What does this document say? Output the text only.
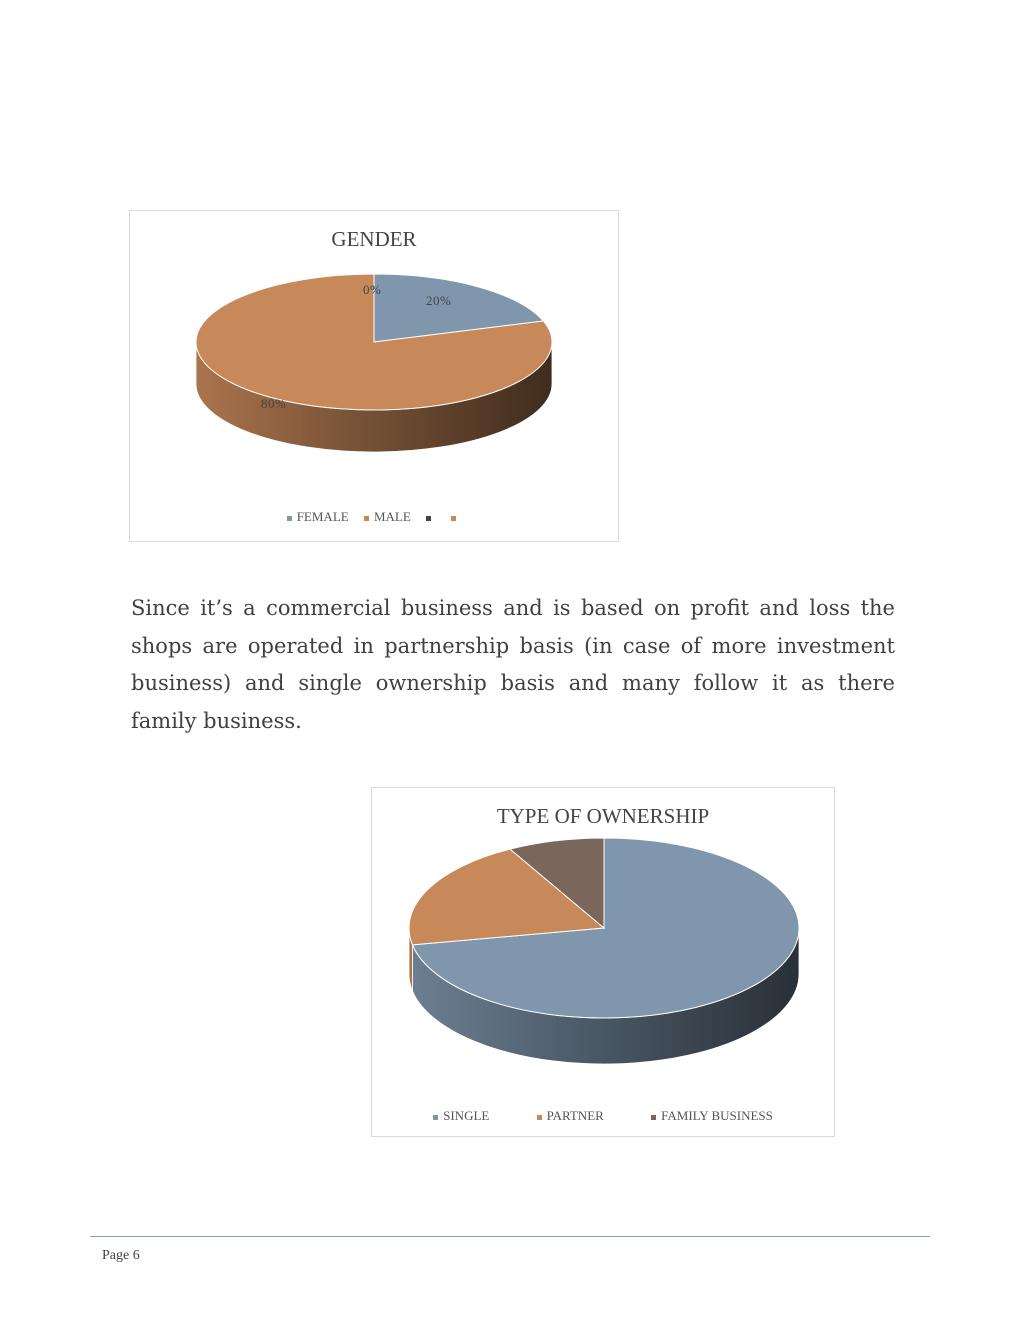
GENDER
20%
80%
0%
FEMALE MALE
Since it’s a commercial business and is based on profit and loss the shops are operated in partnership basis (in case of more investment business) and single ownership basis and many follow it as there family business.
TYPE OF OWNERSHIP
SINGLE	PARTNER	FAMILY BUSINESS
Page 6
